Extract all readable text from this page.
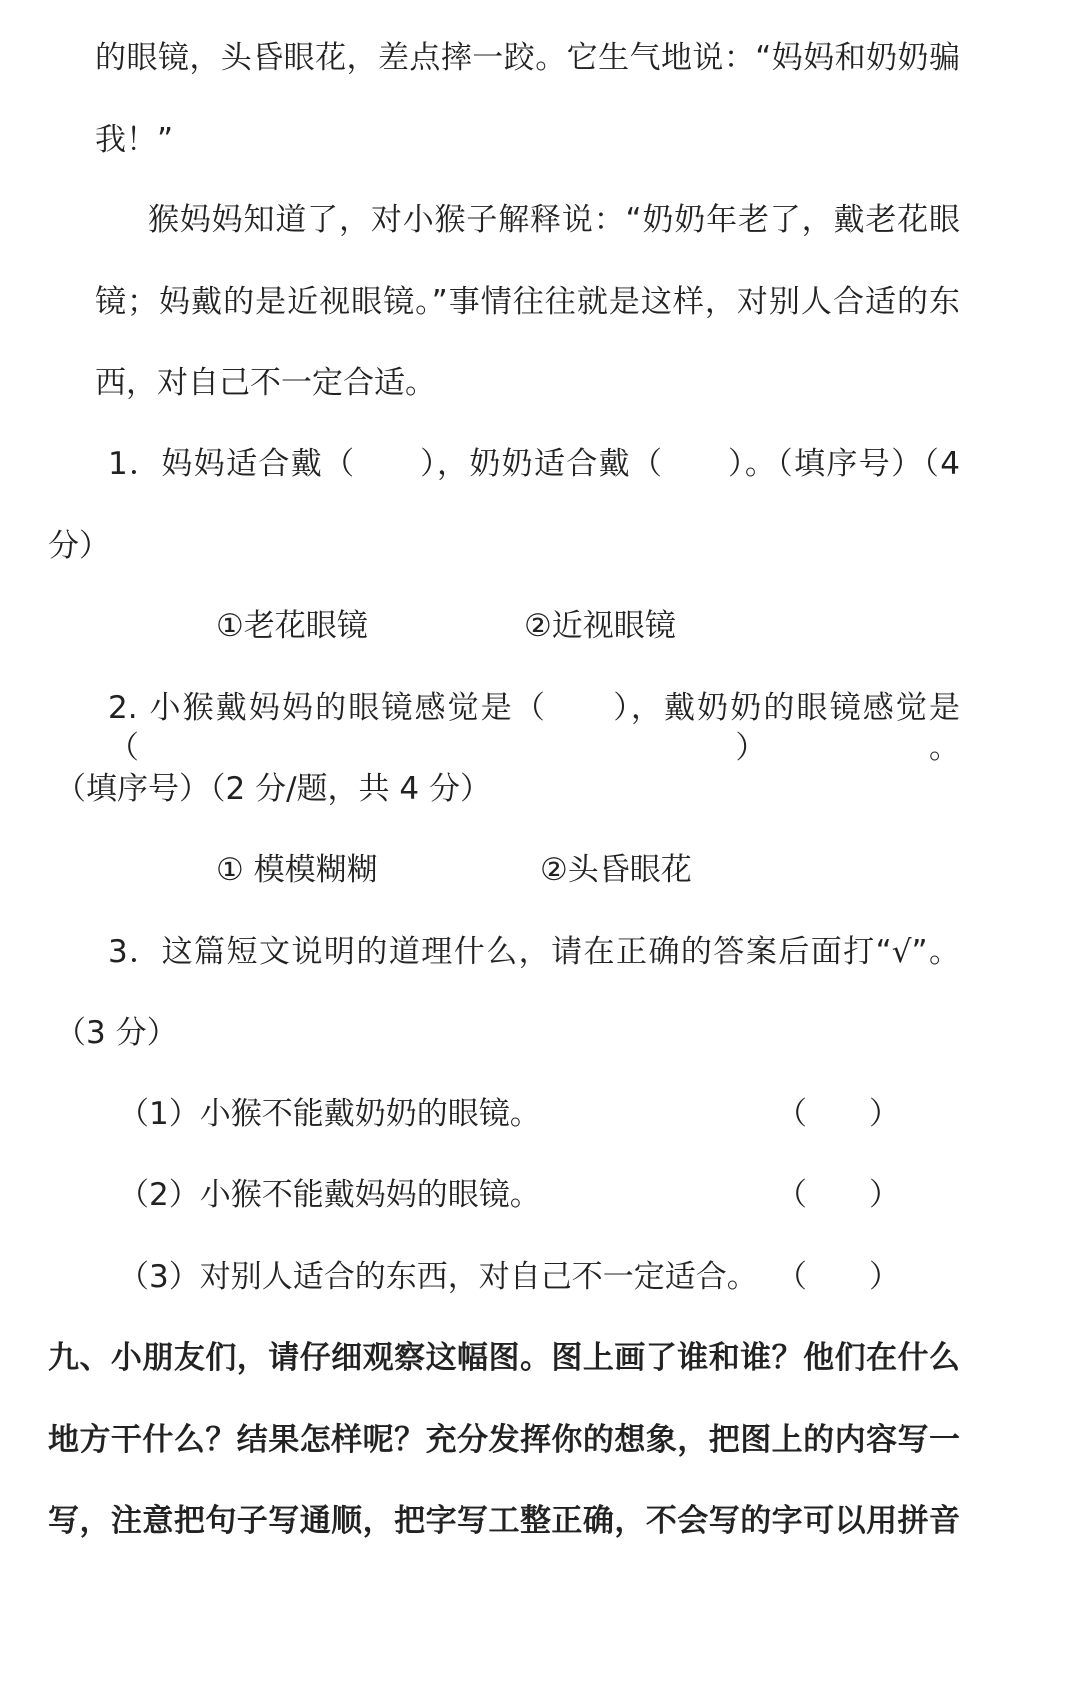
的眼镜，头昏眼花，差点摔一跤。它生气地说：“妈妈和奶奶骗
我！”
猴妈妈知道了，对小猴子解释说：“奶奶年老了，戴老花眼
镜；妈戴的是近视眼镜。”事情往往就是这样，对别人合适的东
西，对自己不一定合适。
1．妈妈适合戴（　　），奶奶适合戴（　　）。（填序号）（4
分）
①老花眼镜	②近视眼镜
2. 小猴戴妈妈的眼镜感觉是（　　），戴奶奶的眼镜感觉是（　　）。
（填序号）（2 分/题，共 4 分）
① 模模糊糊	②头昏眼花
3．这篇短文说明的道理什么，请在正确的答案后面打“√”。
（3 分）
（1）小猴不能戴奶奶的眼镜。	（　　）
（2）小猴不能戴妈妈的眼镜。	（　　）
（3）对别人适合的东西，对自己不一定适合。 （　　）
九、小朋友们，请仔细观察这幅图。图上画了谁和谁？他们在什么
地方干什么？结果怎样呢？充分发挥你的想象，把图上的内容写一
写，注意把句子写通顺，把字写工整正确，不会写的字可以用拼音
